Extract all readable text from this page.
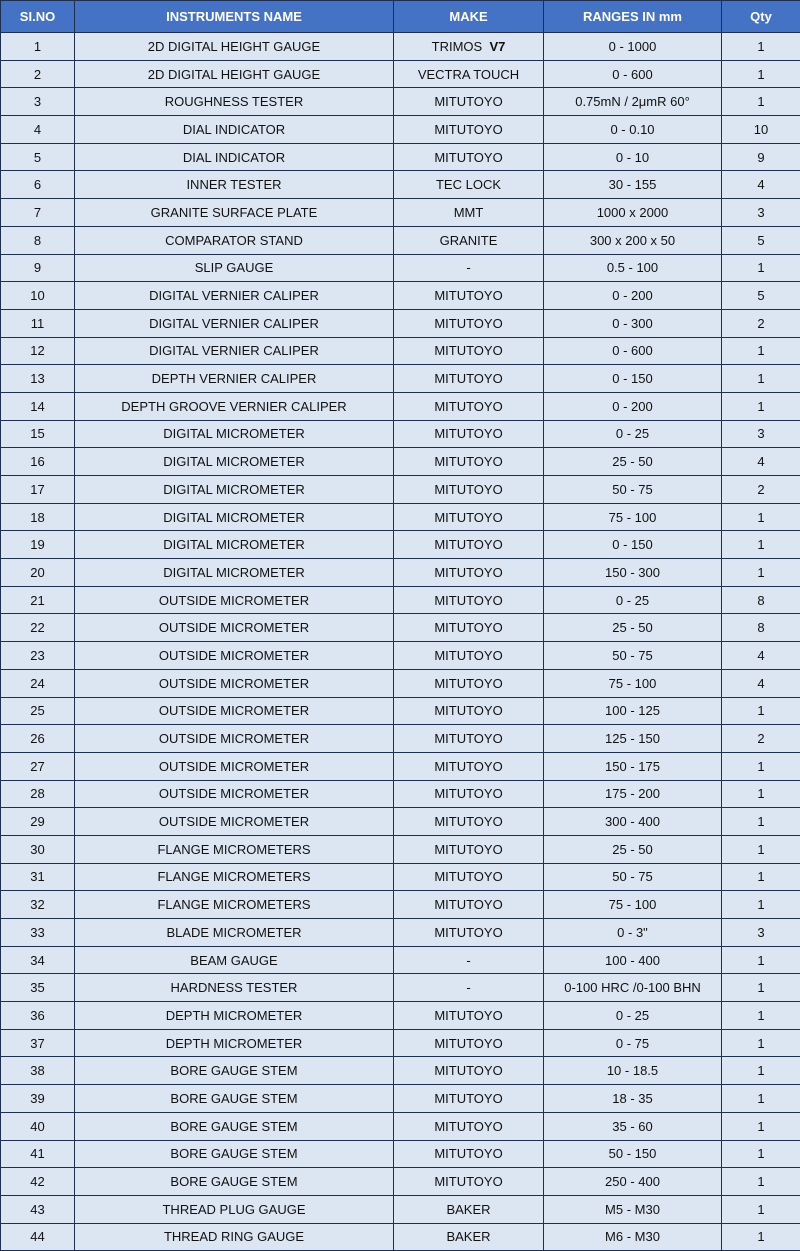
SI.NO	INSTRUMENTS NAME	MAKE	RANGES IN mm	Qty
1	2D DIGITAL HEIGHT GAUGE	TRIMOS V7	0 - 1000	1
2	2D DIGITAL HEIGHT GAUGE	VECTRA TOUCH	0 - 600	1
3	ROUGHNESS TESTER	MITUTOYO	0.75mN / 2μmR 60°	1
4	DIAL INDICATOR	MITUTOYO	0 - 0.10	10
5	DIAL INDICATOR	MITUTOYO	0 - 10	9
6	INNER TESTER	TEC LOCK	30 - 155	4
7	GRANITE SURFACE PLATE	MMT	1000 x 2000	3
8	COMPARATOR STAND	GRANITE	300 x 200 x 50	5
9	SLIP GAUGE	-	0.5 - 100	1
10	DIGITAL VERNIER CALIPER	MITUTOYO	0 - 200	5
11	DIGITAL VERNIER CALIPER	MITUTOYO	0 - 300	2
12	DIGITAL VERNIER CALIPER	MITUTOYO	0 - 600	1
13	DEPTH VERNIER CALIPER	MITUTOYO	0 - 150	1
14	DEPTH GROOVE VERNIER CALIPER	MITUTOYO	0 - 200	1
15	DIGITAL MICROMETER	MITUTOYO	0 - 25	3
16	DIGITAL MICROMETER	MITUTOYO	25 - 50	4
17	DIGITAL MICROMETER	MITUTOYO	50 - 75	2
18	DIGITAL MICROMETER	MITUTOYO	75 - 100	1
19	DIGITAL MICROMETER	MITUTOYO	0 - 150	1
20	DIGITAL MICROMETER	MITUTOYO	150 - 300	1
21	OUTSIDE MICROMETER	MITUTOYO	0 - 25	8
22	OUTSIDE MICROMETER	MITUTOYO	25 - 50	8
23	OUTSIDE MICROMETER	MITUTOYO	50 - 75	4
24	OUTSIDE MICROMETER	MITUTOYO	75 - 100	4
25	OUTSIDE MICROMETER	MITUTOYO	100 - 125	1
26	OUTSIDE MICROMETER	MITUTOYO	125 - 150	2
27	OUTSIDE MICROMETER	MITUTOYO	150 - 175	1
28	OUTSIDE MICROMETER	MITUTOYO	175 - 200	1
29	OUTSIDE MICROMETER	MITUTOYO	300 - 400	1
30	FLANGE MICROMETERS	MITUTOYO	25 - 50	1
31	FLANGE MICROMETERS	MITUTOYO	50 - 75	1
32	FLANGE MICROMETERS	MITUTOYO	75 - 100	1
33	BLADE MICROMETER	MITUTOYO	0 - 3"	3
34	BEAM GAUGE	-	100 - 400	1
35	HARDNESS TESTER	-	0-100 HRC /0-100 BHN	1
36	DEPTH MICROMETER	MITUTOYO	0 - 25	1
37	DEPTH MICROMETER	MITUTOYO	0 - 75	1
38	BORE GAUGE STEM	MITUTOYO	10 - 18.5	1
39	BORE GAUGE STEM	MITUTOYO	18 - 35	1
40	BORE GAUGE STEM	MITUTOYO	35 - 60	1
41	BORE GAUGE STEM	MITUTOYO	50 - 150	1
42	BORE GAUGE STEM	MITUTOYO	250 - 400	1
43	THREAD PLUG GAUGE	BAKER	M5 - M30	1
44	THREAD RING GAUGE	BAKER	M6 - M30	1
